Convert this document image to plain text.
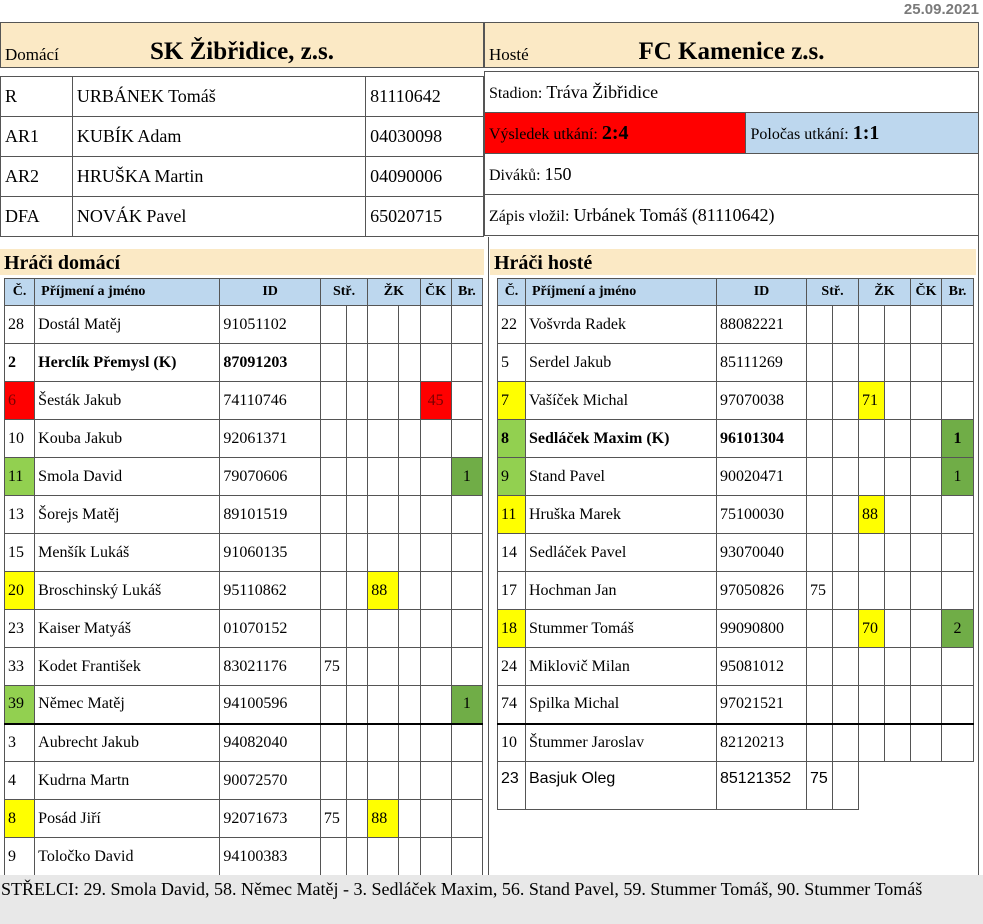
25.09.2021
Domácí	SK Žibřidice, z.s.	Hosté	FC Kamenice z.s.
R	URBÁNEK Tomáš	81110642
AR1	KUBÍK Adam	04030098
AR2	HRUŠKA Martin	04090006
DFA	NOVÁK Pavel	65020715
Stadion: Tráva Žibřidice
Výsledek utkání: 2:4	Poločas utkání: 1:1
Diváků: 150
Zápis vložil: Urbánek Tomáš (81110642)
Hráči domácí	Hráči hosté
Č.	Příjmení a jméno	ID	Stř.		ŽK		ČK	Br.
28	Dostál Matěj	91051102						
2	Herclík Přemysl (K)	87091203						
6	Šesták Jakub	74110746					45	
10	Kouba Jakub	92061371						
11	Smola David	79070606						1
13	Šorejs Matěj	89101519						
15	Menšík Lukáš	91060135						
20	Broschinský Lukáš	95110862			88			
23	Kaiser Matyáš	01070152						
33	Kodet František	83021176	75					
39	Němec Matěj	94100596						1
3	Aubrecht Jakub	94082040						
4	Kudrna Martn	90072570						
8	Posád Jiří	92071673	75		88			
9	Toločko David	94100383						
Č.	Příjmení a jméno	ID	Stř.		ŽK		ČK	Br.
22	Vošvrda Radek	88082221						
5	Serdel Jakub	85111269						
7	Vašíček Michal	97070038			71			
8	Sedláček Maxim (K)	96101304						1
9	Stand Pavel	90020471						1
11	Hruška Marek	75100030			88			
14	Sedláček Pavel	93070040						
17	Hochman Jan	97050826	75					
18	Stummer Tomáš	99090800			70			2
24	Miklovič Milan	95081012						
74	Spilka Michal	97021521						
10	Štummer Jaroslav	82120213						
23	Basjuk Oleg	85121352	75					
STŘELCI: 29. Smola David, 58. Němec Matěj - 3. Sedláček Maxim, 56. Stand Pavel, 59. Stummer Tomáš, 90. Stummer Tomáš
